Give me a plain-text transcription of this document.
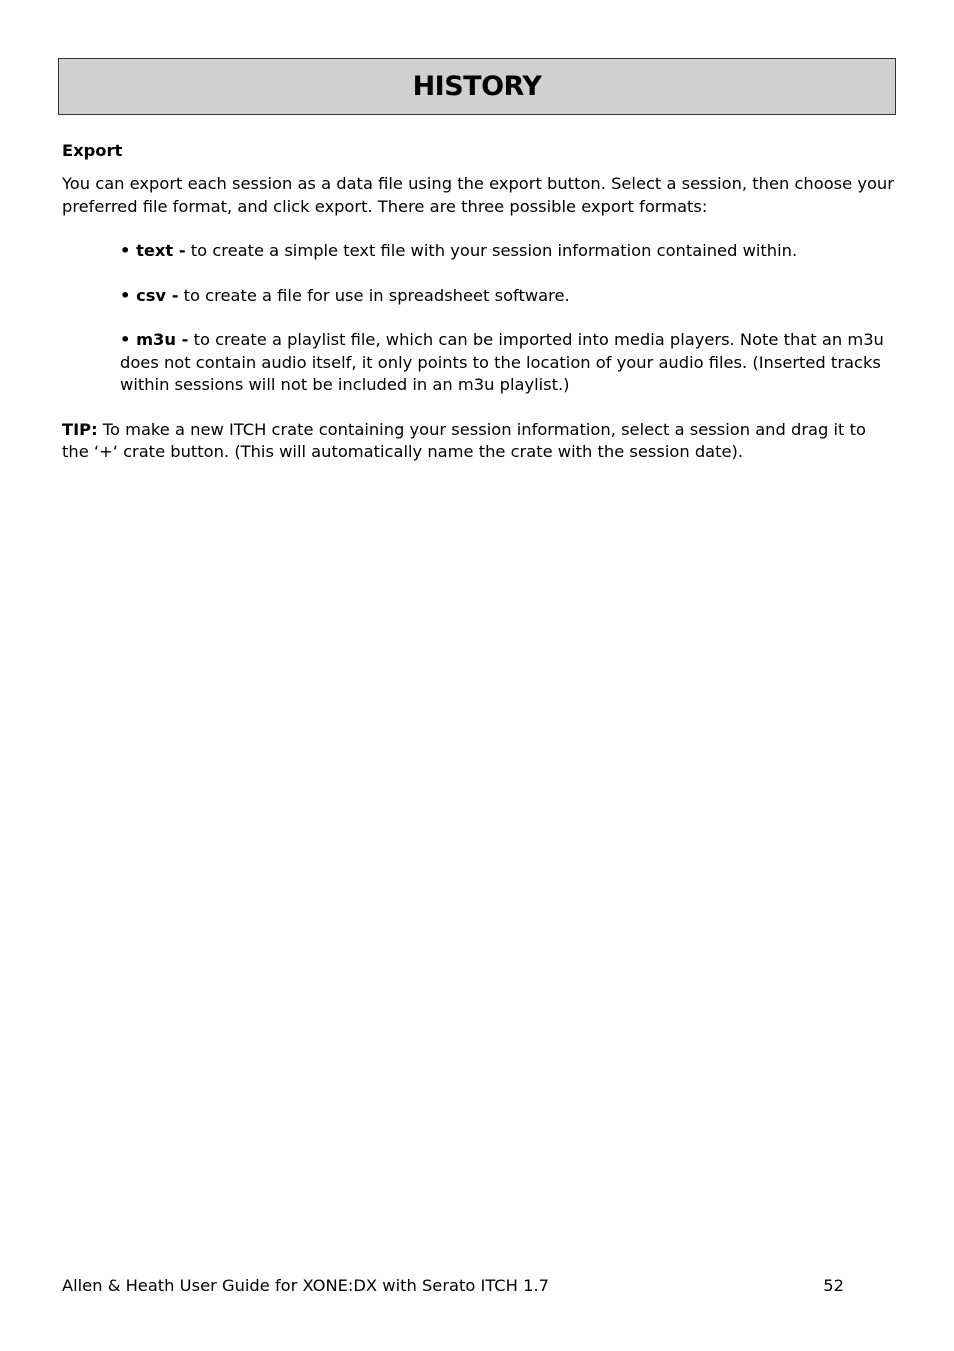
HISTORY

Export

You can export each session as a data file using the export button. Select a session, then choose your preferred file format, and click export. There are three possible export formats:

• text - to create a simple text file with your session information contained within.

• csv - to create a file for use in spreadsheet software.

• m3u - to create a playlist file, which can be imported into media players. Note that an m3u does not contain audio itself, it only points to the location of your audio files. (Inserted tracks within sessions will not be included in an m3u playlist.)

TIP: To make a new ITCH crate containing your session information, select a session and drag it to the ‘+‘ crate button. (This will automatically name the crate with the session date).

Allen & Heath User Guide for XONE:DX with Serato ITCH 1.7	52
